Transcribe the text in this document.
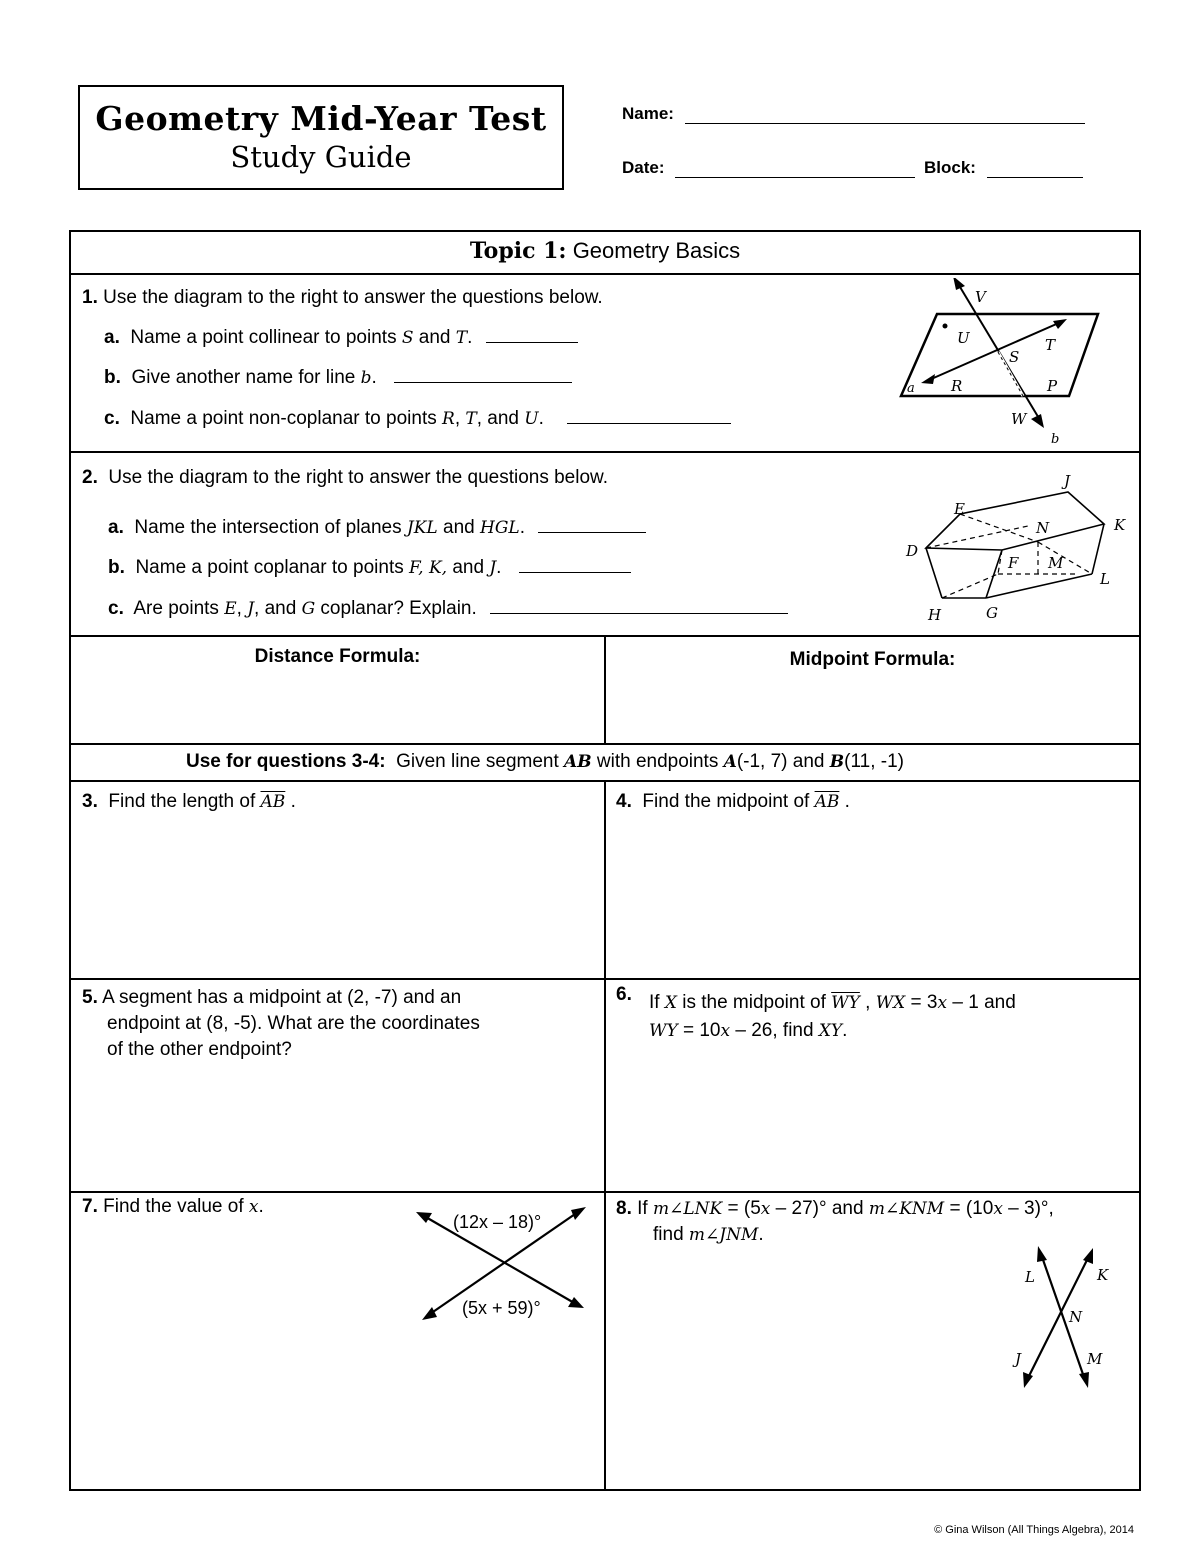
Geometry Mid-Year Test
Study Guide
Name:
Date:	Block:
Topic 1: Geometry Basics
1. Use the diagram to the right to answer the questions below.
a. Name a point collinear to points S and T.
b. Give another name for line b.
c. Name a point non-coplanar to points R, T, and U.
V
U	T
S
R	P
a
W
b
2. Use the diagram to the right to answer the questions below.
a. Name the intersection of planes JKL and HGL.
b. Name a point coplanar to points F, K, and J.
c. Are points E, J, and G coplanar? Explain.
J
E
N	K
D
F M
L
H	G
Distance Formula:	Midpoint Formula:
Use for questions 3-4:  Given line segment AB with endpoints A(-1, 7) and B(11, -1)
3. Find the length of $\overline{AB}$ .	4. Find the midpoint of $\overline{AB}$ .
5. A segment has a midpoint at (2, -7) and an
endpoint at (8, -5). What are the coordinates
of the other endpoint?
6. If X is the midpoint of $\overline{WY}$ , WX = 3x – 1 and
WY = 10x – 26, find XY.
7. Find the value of x.
(12x – 18)°
(5x + 59)°
8. If m∠LNK = (5x – 27)° and m∠KNM = (10x – 3)°,
find m∠JNM.
L	K
N
J	M
© Gina Wilson (All Things Algebra), 2014
